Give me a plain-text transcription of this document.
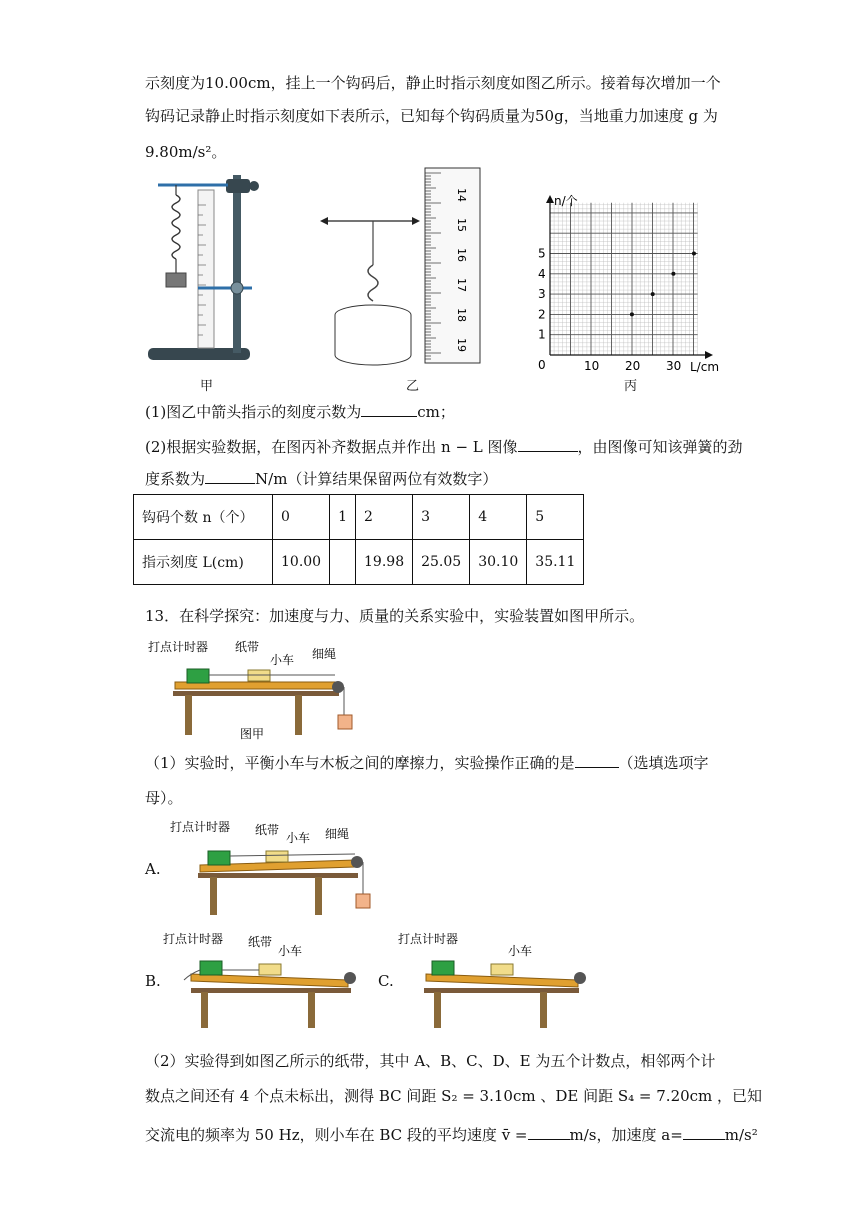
示刻度为10.00cm，挂上一个钩码后，静止时指示刻度如图乙所示。接着每次增加一个
钩码记录静止时指示刻度如下表所示，已知每个钩码质量为50g，当地重力加速度 g 为
9.80m/s²。
甲
14
15
16
17
18
19
乙
n/个
L/cm
0
1
2
3
4
5
10 20 30
丙
(1)图乙中箭头指示的刻度示数为	cm；
(2)根据实验数据，在图丙补齐数据点并作出 n − L 图像	，由图像可知该弹簧的劲
度系数为	N/m（计算结果保留两位有效数字）
钩码个数 n（个）	0	1	2	3	4	5
指示刻度 L(cm)	10.00		19.98	25.05	30.10	35.11
13．在科学探究：加速度与力、质量的关系实验中，实验装置如图甲所示。
打点计时器 纸带
小车 细绳
图甲
（1）实验时，平衡小车与木板之间的摩擦力，实验操作正确的是	（选填选项字
母）。
A.
打点计时器 纸带
小车 细绳
B.
打点计时器 纸带
小车
C.
打点计时器
小车
（2）实验得到如图乙所示的纸带，其中 A、B、C、D、E 为五个计数点，相邻两个计
数点之间还有 4 个点未标出，测得 BC 间距 S₂ = 3.10cm 、DE 间距 S₄ = 7.20cm ，已知
交流电的频率为 50 Hz，则小车在 BC 段的平均速度 v̄ =	m/s，加速度 a=	m/s²
